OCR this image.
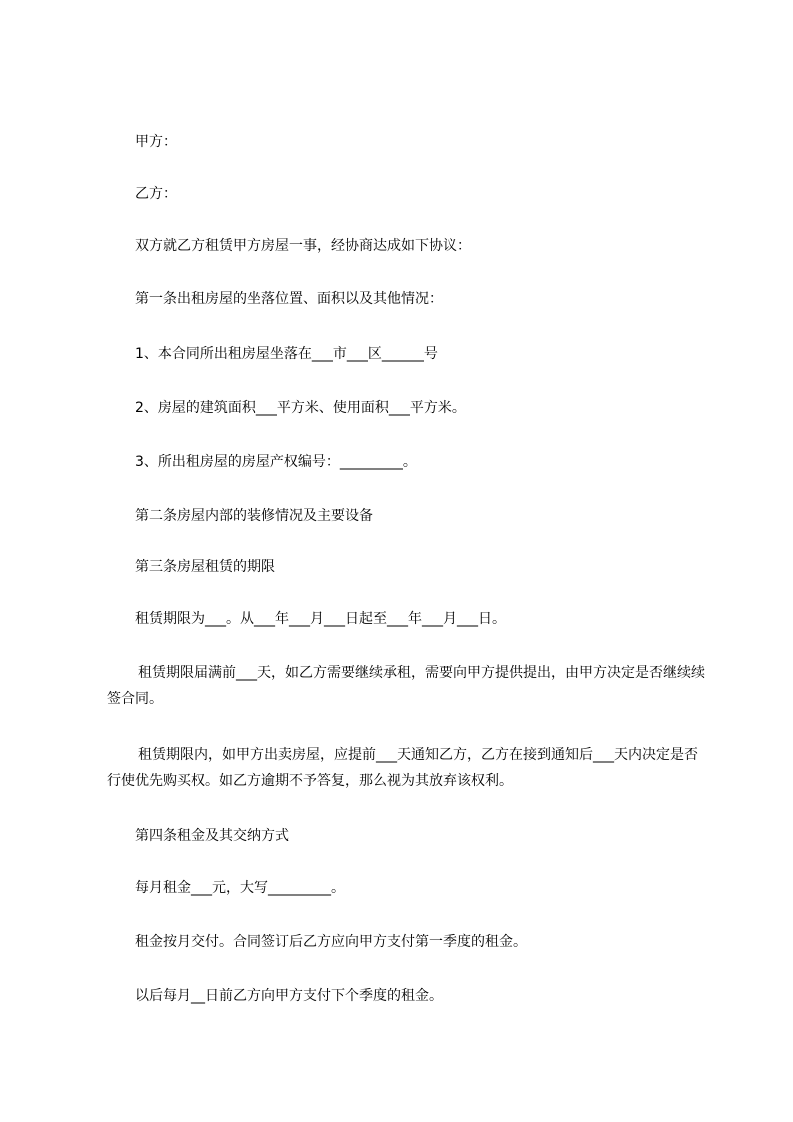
甲方：

乙方：

双方就乙方租赁甲方房屋一事，经协商达成如下协议：

第一条出租房屋的坐落位置、面积以及其他情况：

1、本合同所出租房屋坐落在___市___区______号

2、房屋的建筑面积___平方米、使用面积___平方米。

3、所出租房屋的房屋产权编号：_________。

第二条房屋内部的装修情况及主要设备

第三条房屋租赁的期限

租赁期限为___。从___年___月___日起至___年___月___日。

租赁期限届满前___天，如乙方需要继续承租，需要向甲方提供提出，由甲方决定是否继续续签合同。

租赁期限内，如甲方出卖房屋，应提前___天通知乙方，乙方在接到通知后___天内决定是否行使优先购买权。如乙方逾期不予答复，那么视为其放弃该权利。

第四条租金及其交纳方式

每月租金___元，大写_________。

租金按月交付。合同签订后乙方应向甲方支付第一季度的租金。

以后每月__日前乙方向甲方支付下个季度的租金。
